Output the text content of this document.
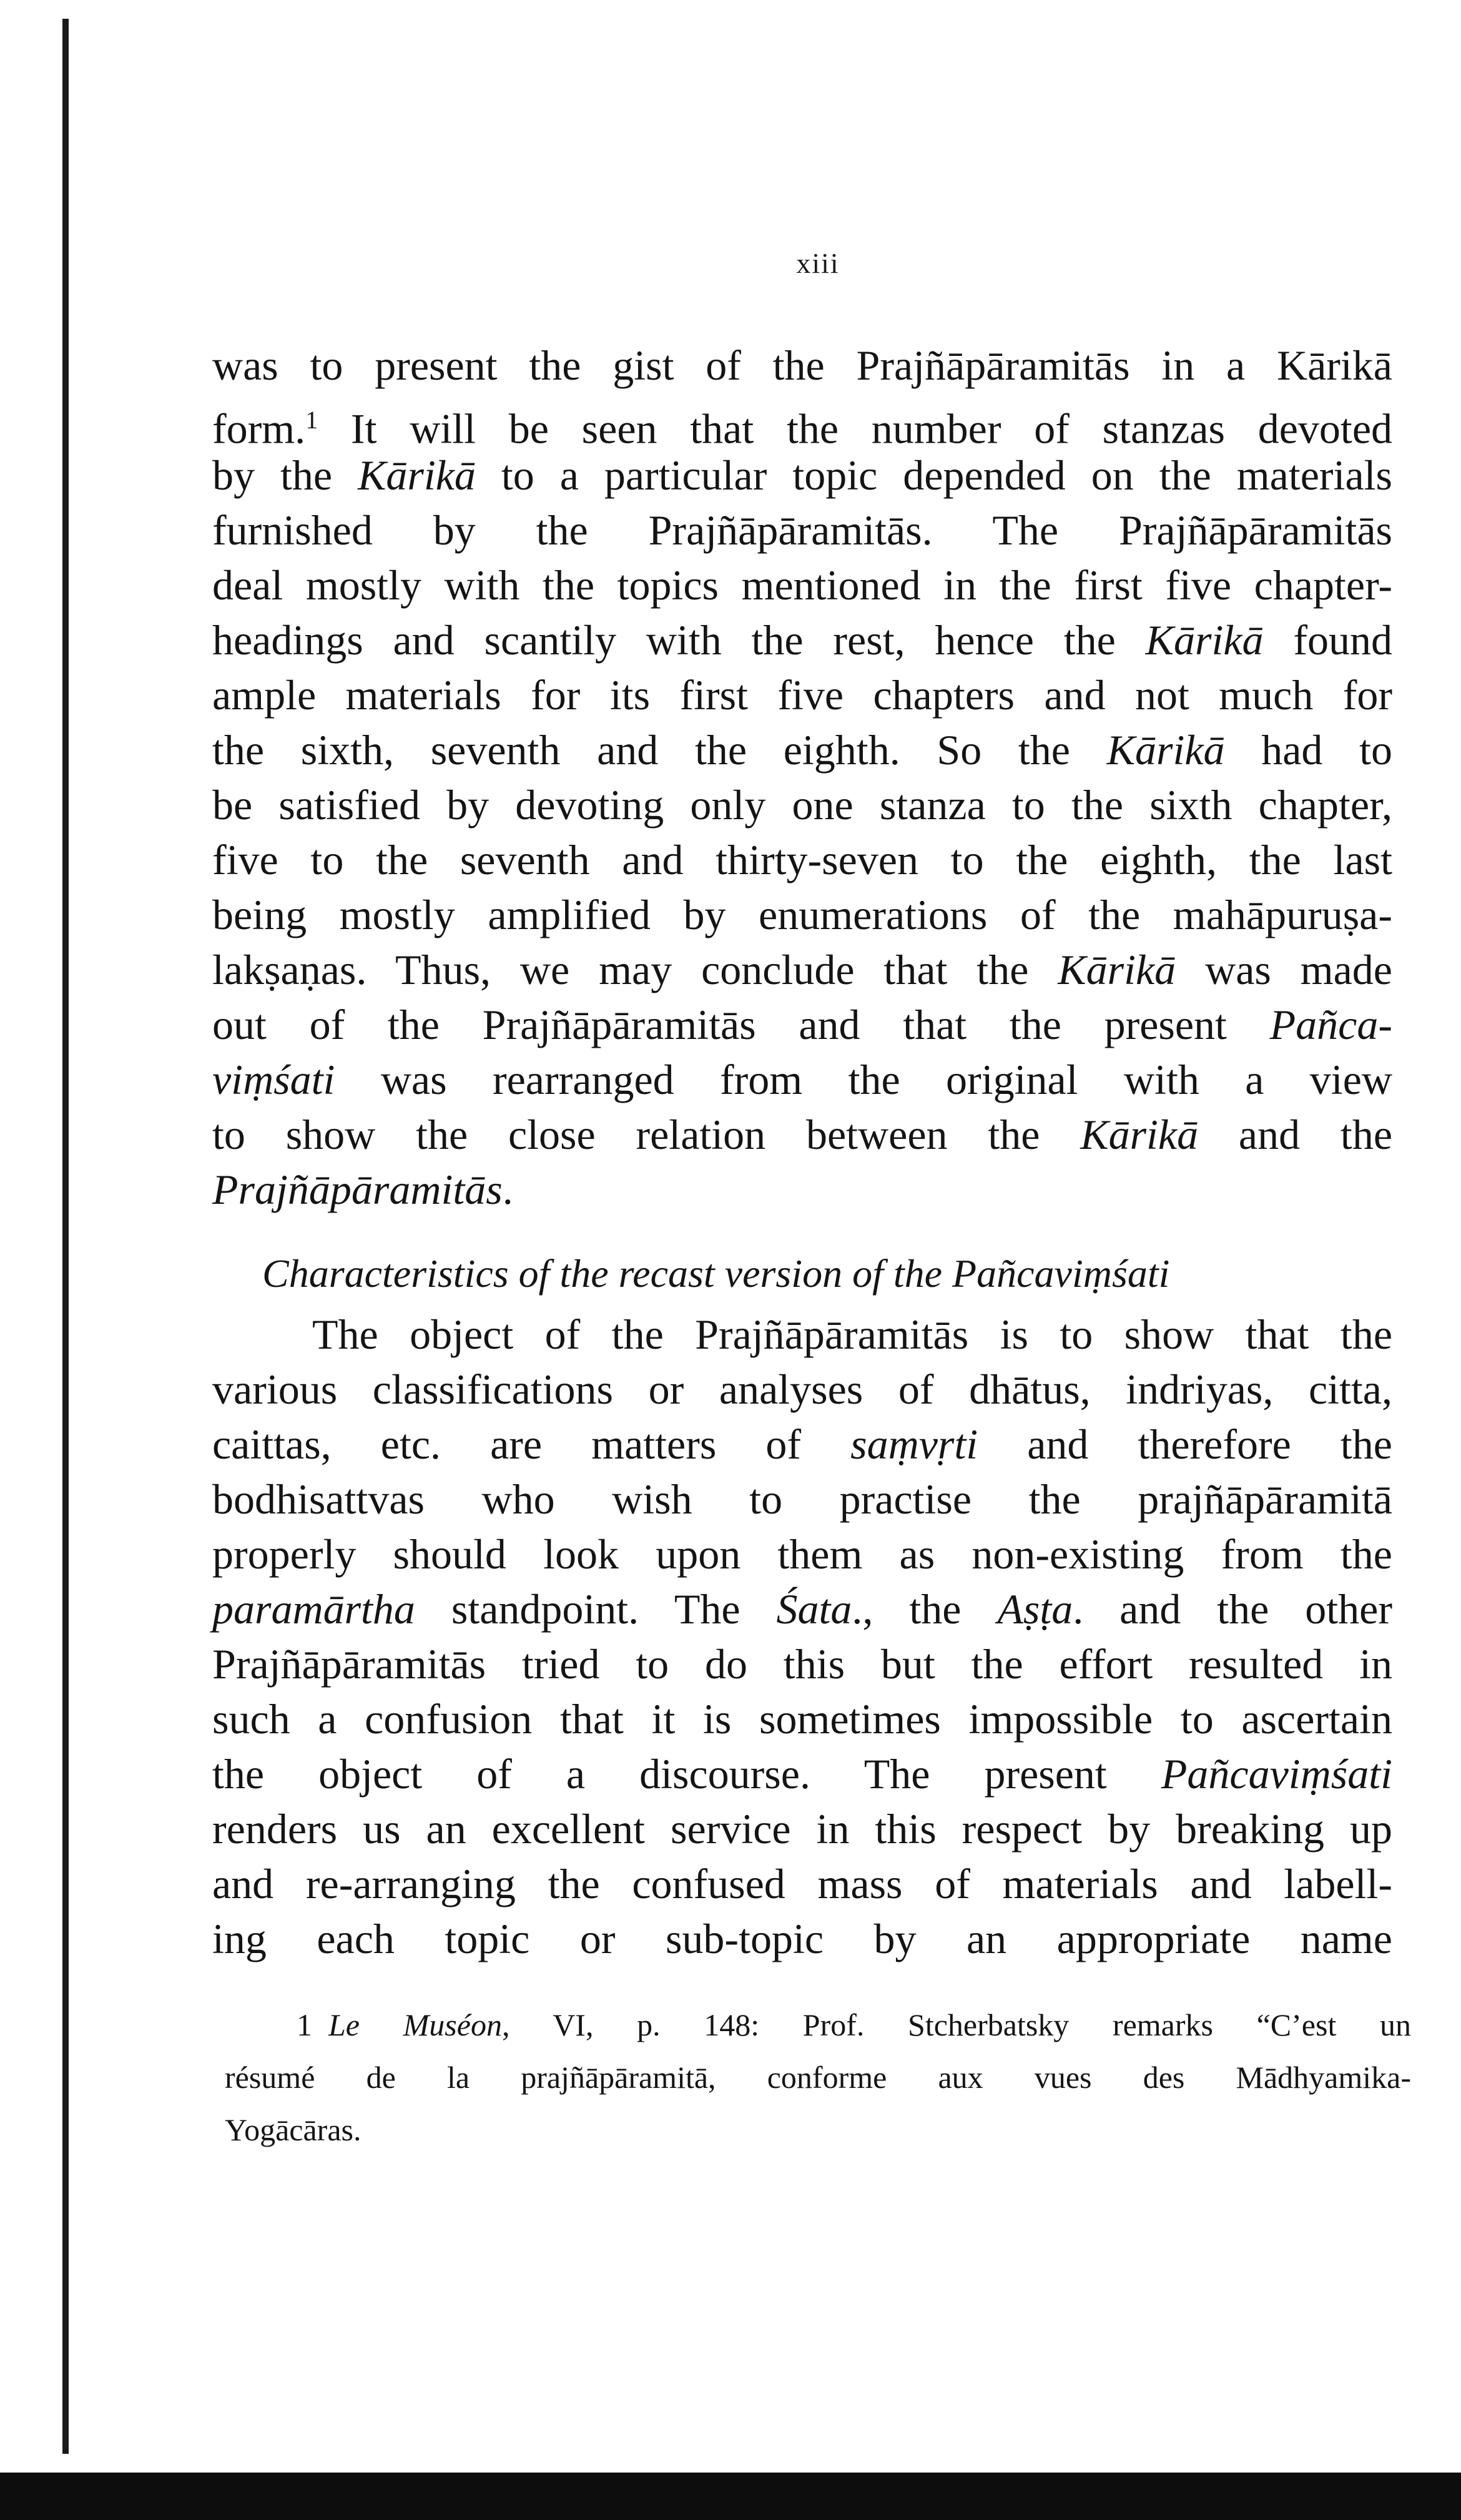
xiii
was to present the gist of the Prajñāpāramitās in a Kārikā
form.$^1$ It will be seen that the number of stanzas devoted
by the Kārikā to a particular topic depended on the materials
furnished by the Prajñāpāramitās. The Prajñāpāramitās
deal mostly with the topics mentioned in the first five chapter-
headings and scantily with the rest, hence the Kārikā found
ample materials for its first five chapters and not much for
the sixth, seventh and the eighth. So the Kārikā had to
be satisfied by devoting only one stanza to the sixth chapter,
five to the seventh and thirty-seven to the eighth, the last
being mostly amplified by enumerations of the mahāpuruṣa-
lakṣaṇas. Thus, we may conclude that the Kārikā was made
out of the Prajñāpāramitās and that the present Pañca-
viṃśati was rearranged from the original with a view
to show the close relation between the Kārikā and the
Prajñāpāramitās.
Characteristics of the recast version of the Pañcaviṃśati
The object of the Prajñāpāramitās is to show that the
various classifications or analyses of dhātus, indriyas, citta,
caittas, etc. are matters of saṃvṛti and therefore the
bodhisattvas who wish to practise the prajñāpāramitā
properly should look upon them as non-existing from the
paramārtha standpoint. The Śata., the Aṣṭa. and the other
Prajñāpāramitās tried to do this but the effort resulted in
such a confusion that it is sometimes impossible to ascertain
the object of a discourse. The present Pañcaviṃśati
renders us an excellent service in this respect by breaking up
and re-arranging the confused mass of materials and labell-
ing each topic or sub-topic by an appropriate name
1 Le Muséon, VI, p. 148: Prof. Stcherbatsky remarks “C’est un
résumé de la prajñāpāramitā, conforme aux vues des Mādhyamika-
Yogācāras.
